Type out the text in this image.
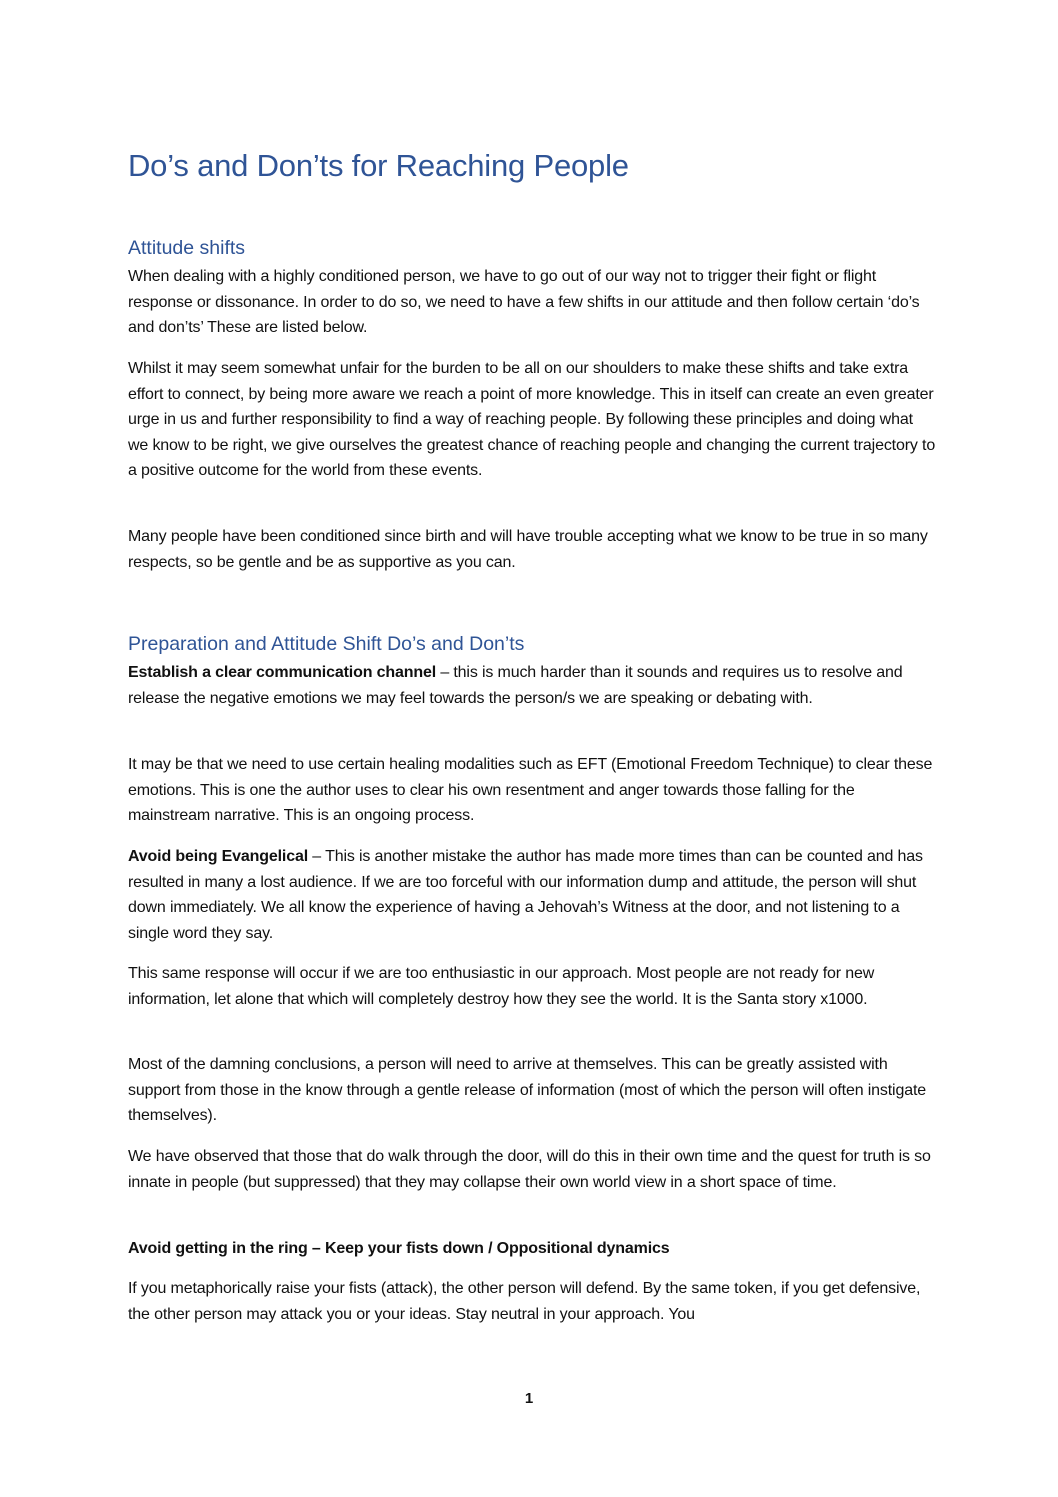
Do’s and Don’ts for Reaching People
Attitude shifts

When dealing with a highly conditioned person, we have to go out of our way not to trigger their fight or flight response or dissonance. In order to do so, we need to have a few shifts in our attitude and then follow certain ‘do’s and don’ts’ These are listed below.

Whilst it may seem somewhat unfair for the burden to be all on our shoulders to make these shifts and take extra effort to connect, by being more aware we reach a point of more knowledge. This in itself can create an even greater urge in us and further responsibility to find a way of reaching people. By following these principles and doing what we know to be right, we give ourselves the greatest chance of reaching people and changing the current trajectory to a positive outcome for the world from these events.

Many people have been conditioned since birth and will have trouble accepting what we know to be true in so many respects, so be gentle and be as supportive as you can.

Preparation and Attitude Shift Do’s and Don’ts

Establish a clear communication channel – this is much harder than it sounds and requires us to resolve and release the negative emotions we may feel towards the person/s we are speaking or debating with.

It may be that we need to use certain healing modalities such as EFT (Emotional Freedom Technique) to clear these emotions. This is one the author uses to clear his own resentment and anger towards those falling for the mainstream narrative. This is an ongoing process.

Avoid being Evangelical – This is another mistake the author has made more times than can be counted and has resulted in many a lost audience. If we are too forceful with our information dump and attitude, the person will shut down immediately. We all know the experience of having a Jehovah’s Witness at the door, and not listening to a single word they say.

This same response will occur if we are too enthusiastic in our approach. Most people are not ready for new information, let alone that which will completely destroy how they see the world. It is the Santa story x1000.

Most of the damning conclusions, a person will need to arrive at themselves. This can be greatly assisted with support from those in the know through a gentle release of information (most of which the person will often instigate themselves).

We have observed that those that do walk through the door, will do this in their own time and the quest for truth is so innate in people (but suppressed) that they may collapse their own world view in a short space of time.

Avoid getting in the ring – Keep your fists down / Oppositional dynamics

If you metaphorically raise your fists (attack), the other person will defend. By the same token, if you get defensive, the other person may attack you or your ideas. Stay neutral in your approach. You

1
